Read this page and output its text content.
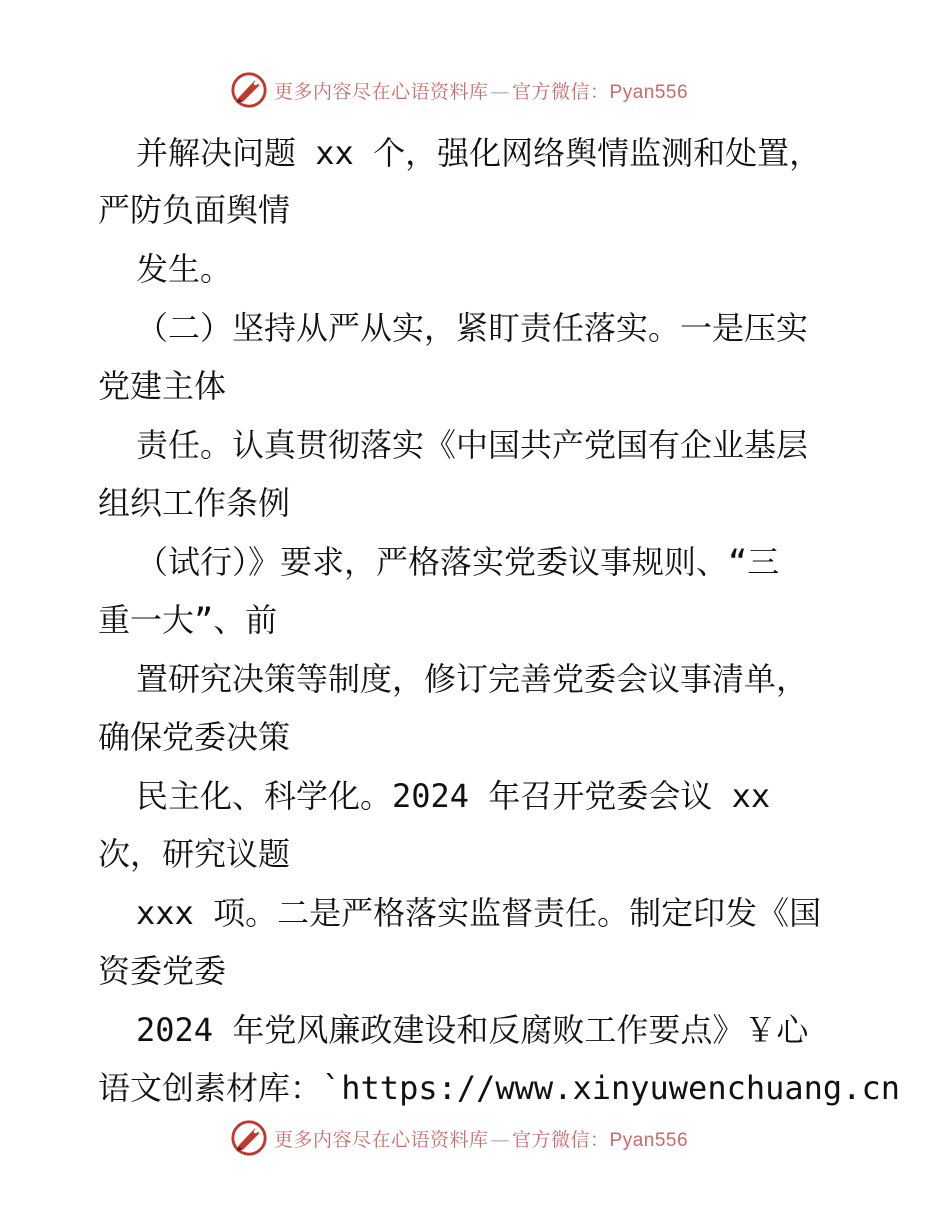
更多内容尽在心语资料库 — 官方微信：Pyan556
并解决问题 xx 个，强化网络舆情监测和处置，
严防负面舆情
发生。
（二）坚持从严从实，紧盯责任落实。一是压实
党建主体
责任。认真贯彻落实《中国共产党国有企业基层
组织工作条例
（试行）》要求，严格落实党委议事规则、“三
重一大”、前
置研究决策等制度，修订完善党委会议事清单，
确保党委决策
民主化、科学化。2024 年召开党委会议 xx
次，研究议题
xxx 项。二是严格落实监督责任。制定印发《国
资委党委
2024 年党风廉政建设和反腐败工作要点》￥心
语文创素材库：`https://www.xinyuwenchuang.cn
更多内容尽在心语资料库 — 官方微信：Pyan556
